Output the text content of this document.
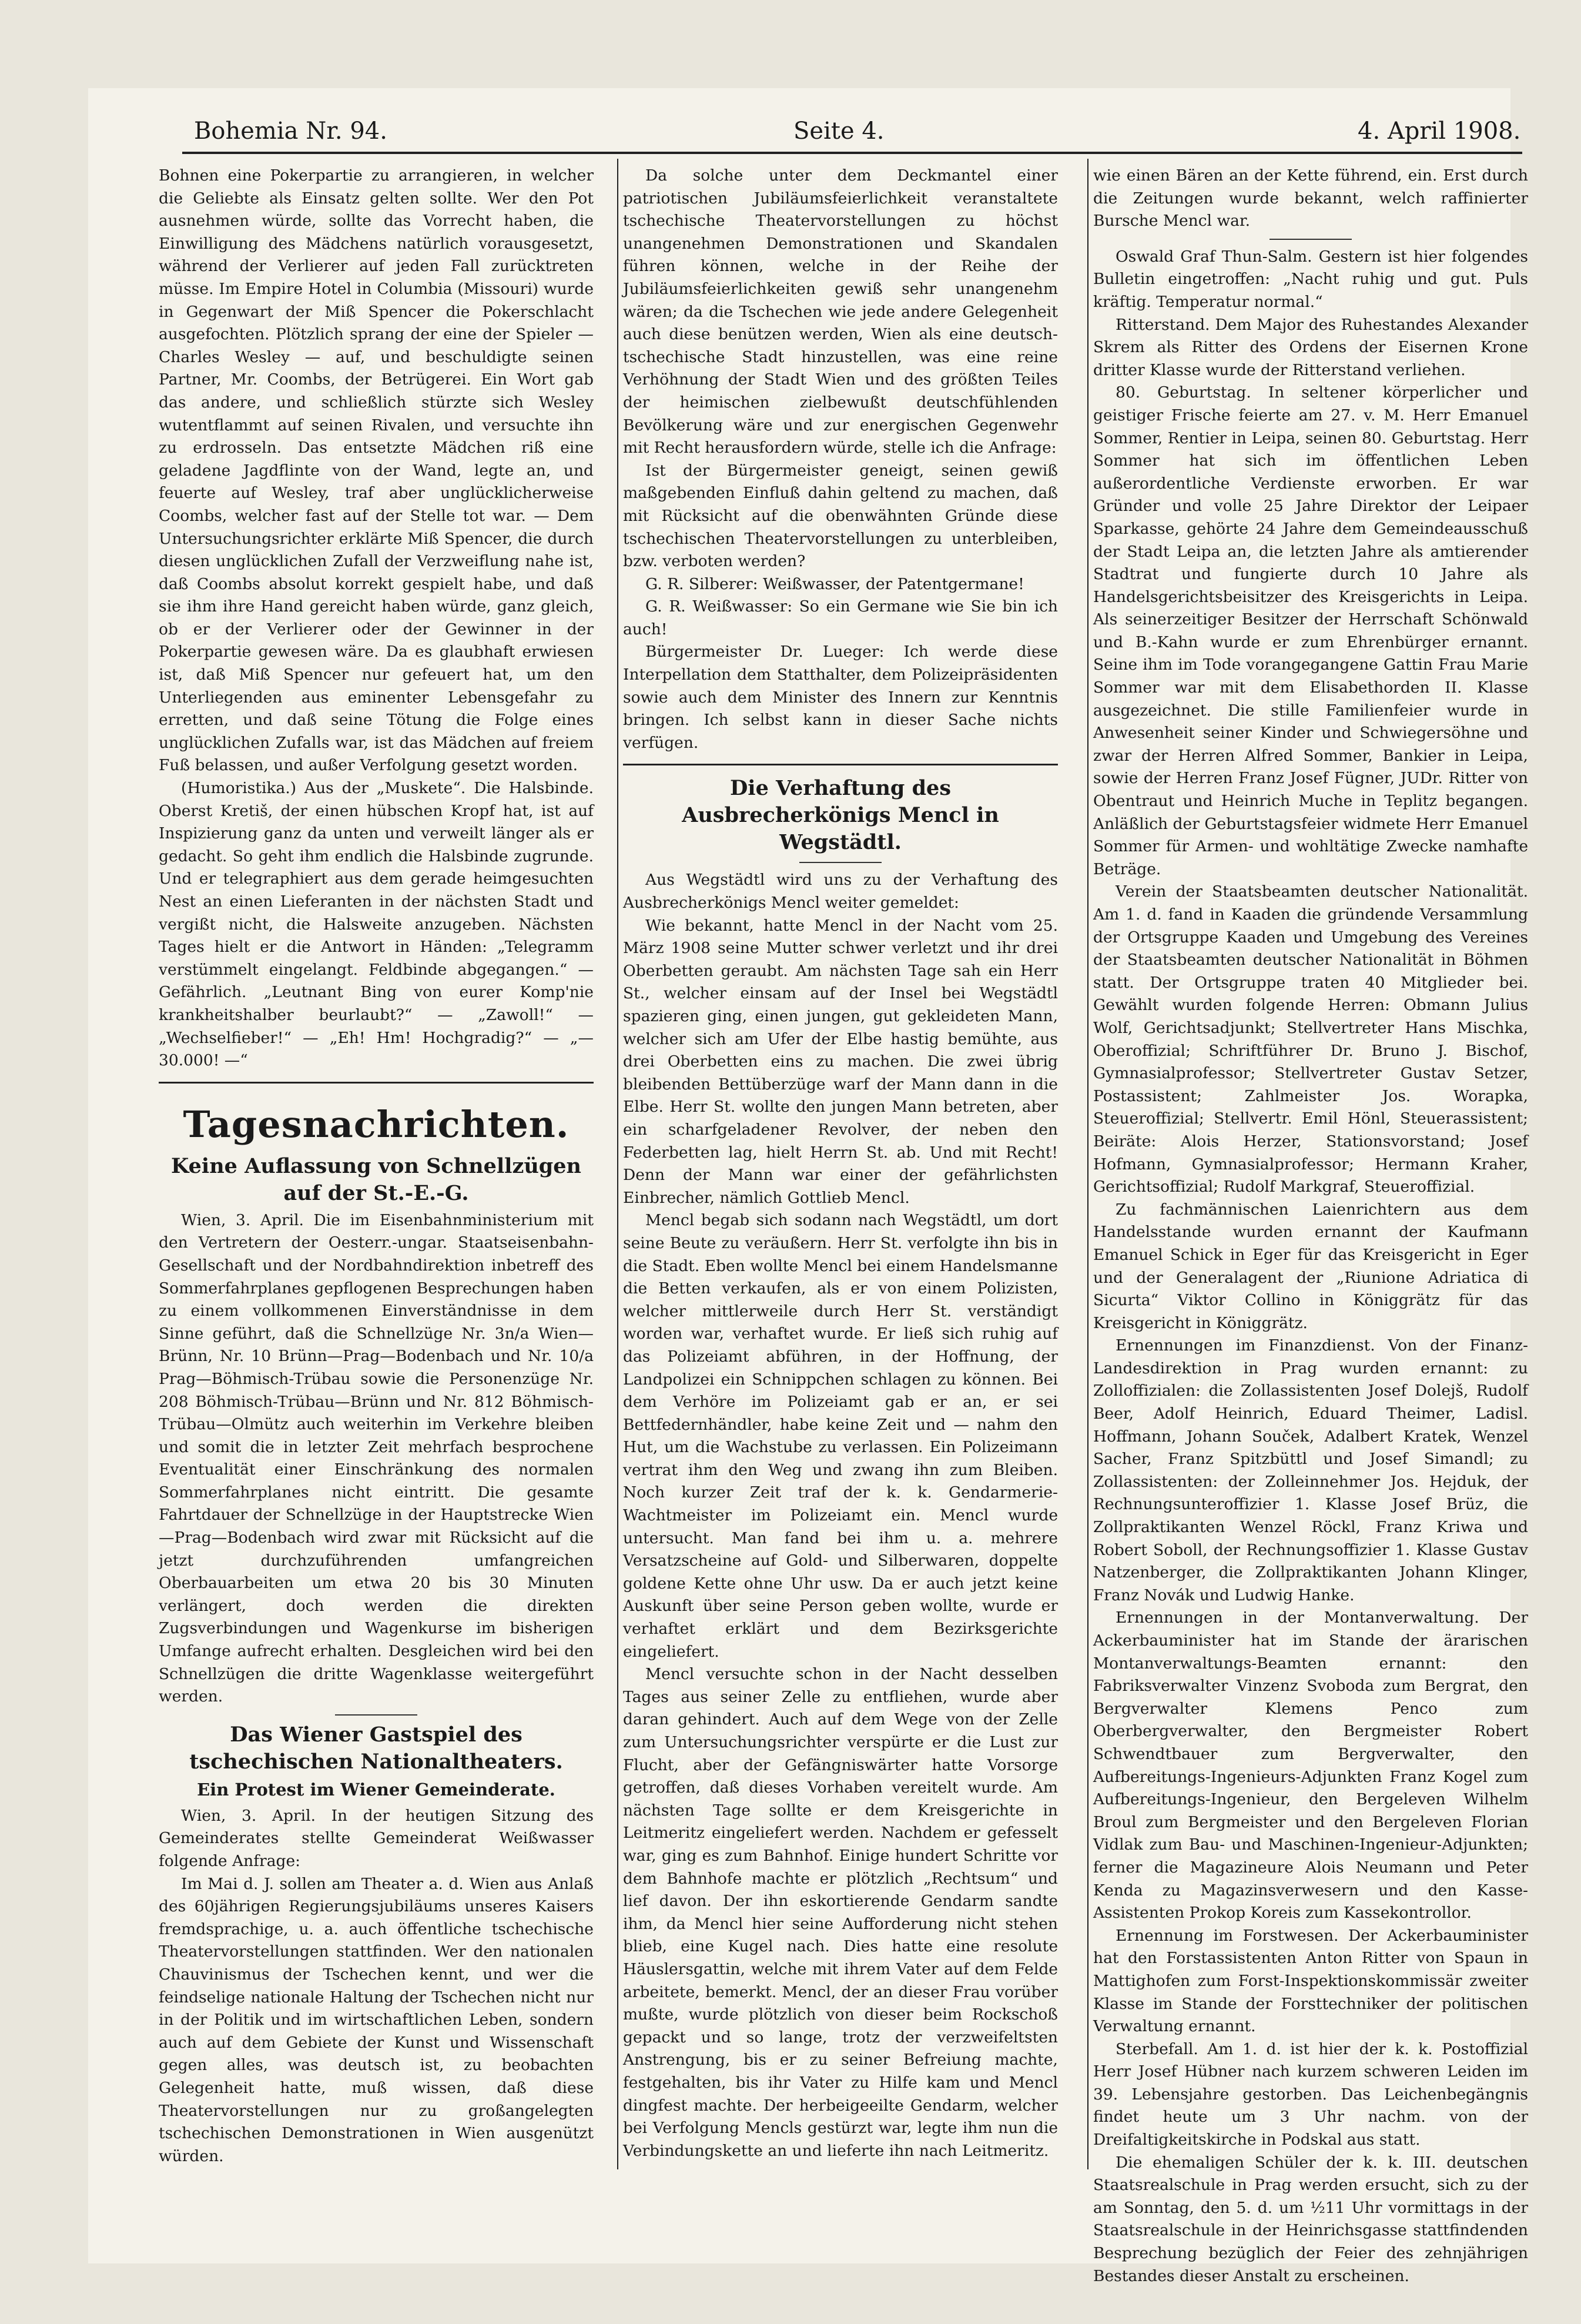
Bohemia Nr. 94.	Seite 4.	4. April 1908.

Bohnen eine Pokerpartie zu arrangieren, in welcher die Geliebte als Einsatz gelten sollte. Wer den Pot ausnehmen würde, sollte das Vorrecht haben, die Einwilligung des Mädchens natürlich vorausgesetzt, während der Verlierer auf jeden Fall zurücktreten müsse. Im Empire Hotel in Columbia (Missouri) wurde in Gegenwart der Miß Spencer die Pokerschlacht ausgefochten. Plötzlich sprang der eine der Spieler — Charles Wesley — auf, und beschuldigte seinen Partner, Mr. Coombs, der Betrügerei. Ein Wort gab das andere, und schließlich stürzte sich Wesley wutentflammt auf seinen Rivalen, und versuchte ihn zu erdrosseln. Das entsetzte Mädchen riß eine geladene Jagdflinte von der Wand, legte an, und feuerte auf Wesley, traf aber unglücklicherweise Coombs, welcher fast auf der Stelle tot war. — Dem Untersuchungsrichter erklärte Miß Spencer, die durch diesen unglücklichen Zufall der Verzweiflung nahe ist, daß Coombs absolut korrekt gespielt habe, und daß sie ihm ihre Hand gereicht haben würde, ganz gleich, ob er der Verlierer oder der Gewinner in der Pokerpartie gewesen wäre. Da es glaubhaft erwiesen ist, daß Miß Spencer nur gefeuert hat, um den Unterliegenden aus eminenter Lebensgefahr zu erretten, und daß seine Tötung die Folge eines unglücklichen Zufalls war, ist das Mädchen auf freiem Fuß belassen, und außer Verfolgung gesetzt worden.

(Humoristika.) Aus der „Muskete“. Die Halsbinde. Oberst Kretiš, der einen hübschen Kropf hat, ist auf Inspizierung ganz da unten und verweilt länger als er gedacht. So geht ihm endlich die Halsbinde zugrunde. Und er telegraphiert aus dem gerade heimgesuchten Nest an einen Lieferanten in der nächsten Stadt und vergißt nicht, die Halsweite anzugeben. Nächsten Tages hielt er die Antwort in Händen: „Telegramm verstümmelt eingelangt. Feldbinde abgegangen.“ — Gefährlich. „Leutnant Bing von eurer Komp'nie krankheitshalber beurlaubt?“ — „Zawoll!“ — „Wechselfieber!“ — „Eh! Hm! Hochgradig?“ — „— 30.000! —“

Tagesnachrichten.

Keine Auflassung von Schnellzügen auf der St.-E.-G.

Wien, 3. April. Die im Eisenbahnministerium mit den Vertretern der Oesterr.-ungar. Staatseisenbahn-Gesellschaft und der Nordbahndirektion inbetreff des Sommerfahrplanes gepflogenen Besprechungen haben zu einem vollkommenen Einverständnisse in dem Sinne geführt, daß die Schnellzüge Nr. 3n/a Wien—Brünn, Nr. 10 Brünn—Prag—Bodenbach und Nr. 10/a Prag—Böhmisch-Trübau sowie die Personenzüge Nr. 208 Böhmisch-Trübau—Brünn und Nr. 812 Böhmisch-Trübau—Olmütz auch weiterhin im Verkehre bleiben und somit die in letzter Zeit mehrfach besprochene Eventualität einer Einschränkung des normalen Sommerfahrplanes nicht eintritt. Die gesamte Fahrtdauer der Schnellzüge in der Hauptstrecke Wien—Prag—Bodenbach wird zwar mit Rücksicht auf die jetzt durchzuführenden umfangreichen Oberbauarbeiten um etwa 20 bis 30 Minuten verlängert, doch werden die direkten Zugsverbindungen und Wagenkurse im bisherigen Umfange aufrecht erhalten. Desgleichen wird bei den Schnellzügen die dritte Wagenklasse weitergeführt werden.

Das Wiener Gastspiel des tschechischen Nationaltheaters.

Ein Protest im Wiener Gemeinderate.

Wien, 3. April. In der heutigen Sitzung des Gemeinderates stellte Gemeinderat Weißwasser folgende Anfrage:

Im Mai d. J. sollen am Theater a. d. Wien aus Anlaß des 60jährigen Regierungsjubiläums unseres Kaisers fremdsprachige, u. a. auch öffentliche tschechische Theatervorstellungen stattfinden. Wer den nationalen Chauvinismus der Tschechen kennt, und wer die feindselige nationale Haltung der Tschechen nicht nur in der Politik und im wirtschaftlichen Leben, sondern auch auf dem Gebiete der Kunst und Wissenschaft gegen alles, was deutsch ist, zu beobachten Gelegenheit hatte, muß wissen, daß diese Theatervorstellungen nur zu großangelegten tschechischen Demonstrationen in Wien ausgenützt würden.

Da solche unter dem Deckmantel einer patriotischen Jubiläumsfeierlichkeit veranstaltete tschechische Theatervorstellungen zu höchst unangenehmen Demonstrationen und Skandalen führen können, welche in der Reihe der Jubiläumsfeierlichkeiten gewiß sehr unangenehm wären; da die Tschechen wie jede andere Gelegenheit auch diese benützen werden, Wien als eine deutsch-tschechische Stadt hinzustellen, was eine reine Verhöhnung der Stadt Wien und des größten Teiles der heimischen zielbewußt deutschfühlenden Bevölkerung wäre und zur energischen Gegenwehr mit Recht herausfordern würde, stelle ich die Anfrage:

Ist der Bürgermeister geneigt, seinen gewiß maßgebenden Einfluß dahin geltend zu machen, daß mit Rücksicht auf die obenwähnten Gründe diese tschechischen Theatervorstellungen zu unterbleiben, bzw. verboten werden?

G. R. Silberer: Weißwasser, der Patentgermane!

G. R. Weißwasser: So ein Germane wie Sie bin ich auch!

Bürgermeister Dr. Lueger: Ich werde diese Interpellation dem Statthalter, dem Polizeipräsidenten sowie auch dem Minister des Innern zur Kenntnis bringen. Ich selbst kann in dieser Sache nichts verfügen.

Die Verhaftung des Ausbrecherkönigs Mencl in Wegstädtl.

Aus Wegstädtl wird uns zu der Verhaftung des Ausbrecherkönigs Mencl weiter gemeldet:

Wie bekannt, hatte Mencl in der Nacht vom 25. März 1908 seine Mutter schwer verletzt und ihr drei Oberbetten geraubt. Am nächsten Tage sah ein Herr St., welcher einsam auf der Insel bei Wegstädtl spazieren ging, einen jungen, gut gekleideten Mann, welcher sich am Ufer der Elbe hastig bemühte, aus drei Oberbetten eins zu machen. Die zwei übrig bleibenden Bettüberzüge warf der Mann dann in die Elbe. Herr St. wollte den jungen Mann betreten, aber ein scharfgeladener Revolver, der neben den Federbetten lag, hielt Herrn St. ab. Und mit Recht! Denn der Mann war einer der gefährlichsten Einbrecher, nämlich Gottlieb Mencl.

Mencl begab sich sodann nach Wegstädtl, um dort seine Beute zu veräußern. Herr St. verfolgte ihn bis in die Stadt. Eben wollte Mencl bei einem Handelsmanne die Betten verkaufen, als er von einem Polizisten, welcher mittlerweile durch Herr St. verständigt worden war, verhaftet wurde. Er ließ sich ruhig auf das Polizeiamt abführen, in der Hoffnung, der Landpolizei ein Schnippchen schlagen zu können. Bei dem Verhöre im Polizeiamt gab er an, er sei Bettfedernhändler, habe keine Zeit und — nahm den Hut, um die Wachstube zu verlassen. Ein Polizeimann vertrat ihm den Weg und zwang ihn zum Bleiben. Noch kurzer Zeit traf der k. k. Gendarmerie-Wachtmeister im Polizeiamt ein. Mencl wurde untersucht. Man fand bei ihm u. a. mehrere Versatzscheine auf Gold- und Silberwaren, doppelte goldene Kette ohne Uhr usw. Da er auch jetzt keine Auskunft über seine Person geben wollte, wurde er verhaftet erklärt und dem Bezirksgerichte eingeliefert.

Mencl versuchte schon in der Nacht desselben Tages aus seiner Zelle zu entfliehen, wurde aber daran gehindert. Auch auf dem Wege von der Zelle zum Untersuchungsrichter verspürte er die Lust zur Flucht, aber der Gefängniswärter hatte Vorsorge getroffen, daß dieses Vorhaben vereitelt wurde. Am nächsten Tage sollte er dem Kreisgerichte in Leitmeritz eingeliefert werden. Nachdem er gefesselt war, ging es zum Bahnhof. Einige hundert Schritte vor dem Bahnhofe machte er plötzlich „Rechtsum“ und lief davon. Der ihn eskortierende Gendarm sandte ihm, da Mencl hier seine Aufforderung nicht stehen blieb, eine Kugel nach. Dies hatte eine resolute Häuslersgattin, welche mit ihrem Vater auf dem Felde arbeitete, bemerkt. Mencl, der an dieser Frau vorüber mußte, wurde plötzlich von dieser beim Rockschoß gepackt und so lange, trotz der verzweifeltsten Anstrengung, bis er zu seiner Befreiung machte, festgehalten, bis ihr Vater zu Hilfe kam und Mencl dingfest machte. Der herbeigeeilte Gendarm, welcher bei Verfolgung Mencls gestürzt war, legte ihm nun die Verbindungskette an und lieferte ihn nach Leitmeritz.

wie einen Bären an der Kette führend, ein. Erst durch die Zeitungen wurde bekannt, welch raffinierter Bursche Mencl war.

Oswald Graf Thun-Salm. Gestern ist hier folgendes Bulletin eingetroffen: „Nacht ruhig und gut. Puls kräftig. Temperatur normal.“

Ritterstand. Dem Major des Ruhestandes Alexander Skrem als Ritter des Ordens der Eisernen Krone dritter Klasse wurde der Ritterstand verliehen.

80. Geburtstag. In seltener körperlicher und geistiger Frische feierte am 27. v. M. Herr Emanuel Sommer, Rentier in Leipa, seinen 80. Geburtstag. Herr Sommer hat sich im öffentlichen Leben außerordentliche Verdienste erworben. Er war Gründer und volle 25 Jahre Direktor der Leipaer Sparkasse, gehörte 24 Jahre dem Gemeindeausschuß der Stadt Leipa an, die letzten Jahre als amtierender Stadtrat und fungierte durch 10 Jahre als Handelsgerichtsbeisitzer des Kreisgerichts in Leipa. Als seinerzeitiger Besitzer der Herrschaft Schönwald und B.-Kahn wurde er zum Ehrenbürger ernannt. Seine ihm im Tode vorangegangene Gattin Frau Marie Sommer war mit dem Elisabethorden II. Klasse ausgezeichnet. Die stille Familienfeier wurde in Anwesenheit seiner Kinder und Schwiegersöhne und zwar der Herren Alfred Sommer, Bankier in Leipa, sowie der Herren Franz Josef Fügner, JUDr. Ritter von Obentraut und Heinrich Muche in Teplitz begangen. Anläßlich der Geburtstagsfeier widmete Herr Emanuel Sommer für Armen- und wohltätige Zwecke namhafte Beträge.

Verein der Staatsbeamten deutscher Nationalität. Am 1. d. fand in Kaaden die gründende Versammlung der Ortsgruppe Kaaden und Umgebung des Vereines der Staatsbeamten deutscher Nationalität in Böhmen statt. Der Ortsgruppe traten 40 Mitglieder bei. Gewählt wurden folgende Herren: Obmann Julius Wolf, Gerichtsadjunkt; Stellvertreter Hans Mischka, Oberoffizial; Schriftführer Dr. Bruno J. Bischof, Gymnasialprofessor; Stellvertreter Gustav Setzer, Postassistent; Zahlmeister Jos. Worapka, Steueroffizial; Stellvertr. Emil Hönl, Steuerassistent; Beiräte: Alois Herzer, Stationsvorstand; Josef Hofmann, Gymnasialprofessor; Hermann Kraher, Gerichtsoffizial; Rudolf Markgraf, Steueroffizial.

Zu fachmännischen Laienrichtern aus dem Handelsstande wurden ernannt der Kaufmann Emanuel Schick in Eger für das Kreisgericht in Eger und der Generalagent der „Riunione Adriatica di Sicurta“ Viktor Collino in Königgrätz für das Kreisgericht in Königgrätz.

Ernennungen im Finanzdienst. Von der Finanz-Landesdirektion in Prag wurden ernannt: zu Zolloffizialen: die Zollassistenten Josef Dolejš, Rudolf Beer, Adolf Heinrich, Eduard Theimer, Ladisl. Hoffmann, Johann Souček, Adalbert Kratek, Wenzel Sacher, Franz Spitzbüttl und Josef Simandl; zu Zollassistenten: der Zolleinnehmer Jos. Hejduk, der Rechnungsunteroffizier 1. Klasse Josef Brüz, die Zollpraktikanten Wenzel Röckl, Franz Kriwa und Robert Soboll, der Rechnungsoffizier 1. Klasse Gustav Natzenberger, die Zollpraktikanten Johann Klinger, Franz Novák und Ludwig Hanke.

Ernennungen in der Montanverwaltung. Der Ackerbauminister hat im Stande der ärarischen Montanverwaltungs-Beamten ernannt: den Fabriksverwalter Vinzenz Svoboda zum Bergrat, den Bergverwalter Klemens Penco zum Oberbergverwalter, den Bergmeister Robert Schwendtbauer zum Bergverwalter, den Aufbereitungs-Ingenieurs-Adjunkten Franz Kogel zum Aufbereitungs-Ingenieur, den Bergeleven Wilhelm Broul zum Bergmeister und den Bergeleven Florian Vidlak zum Bau- und Maschinen-Ingenieur-Adjunkten; ferner die Magazineure Alois Neumann und Peter Kenda zu Magazinsverwesern und den Kasse-Assistenten Prokop Koreis zum Kassekontrollor.

Ernennung im Forstwesen. Der Ackerbauminister hat den Forstassistenten Anton Ritter von Spaun in Mattighofen zum Forst-Inspektionskommissär zweiter Klasse im Stande der Forsttechniker der politischen Verwaltung ernannt.

Sterbefall. Am 1. d. ist hier der k. k. Postoffizial Herr Josef Hübner nach kurzem schweren Leiden im 39. Lebensjahre gestorben. Das Leichenbegängnis findet heute um 3 Uhr nachm. von der Dreifaltigkeitskirche in Podskal aus statt.

Die ehemaligen Schüler der k. k. III. deutschen Staatsrealschule in Prag werden ersucht, sich zu der am Sonntag, den 5. d. um ½11 Uhr vormittags in der Staatsrealschule in der Heinrichsgasse stattfindenden Besprechung bezüglich der Feier des zehnjährigen Bestandes dieser Anstalt zu erscheinen.
